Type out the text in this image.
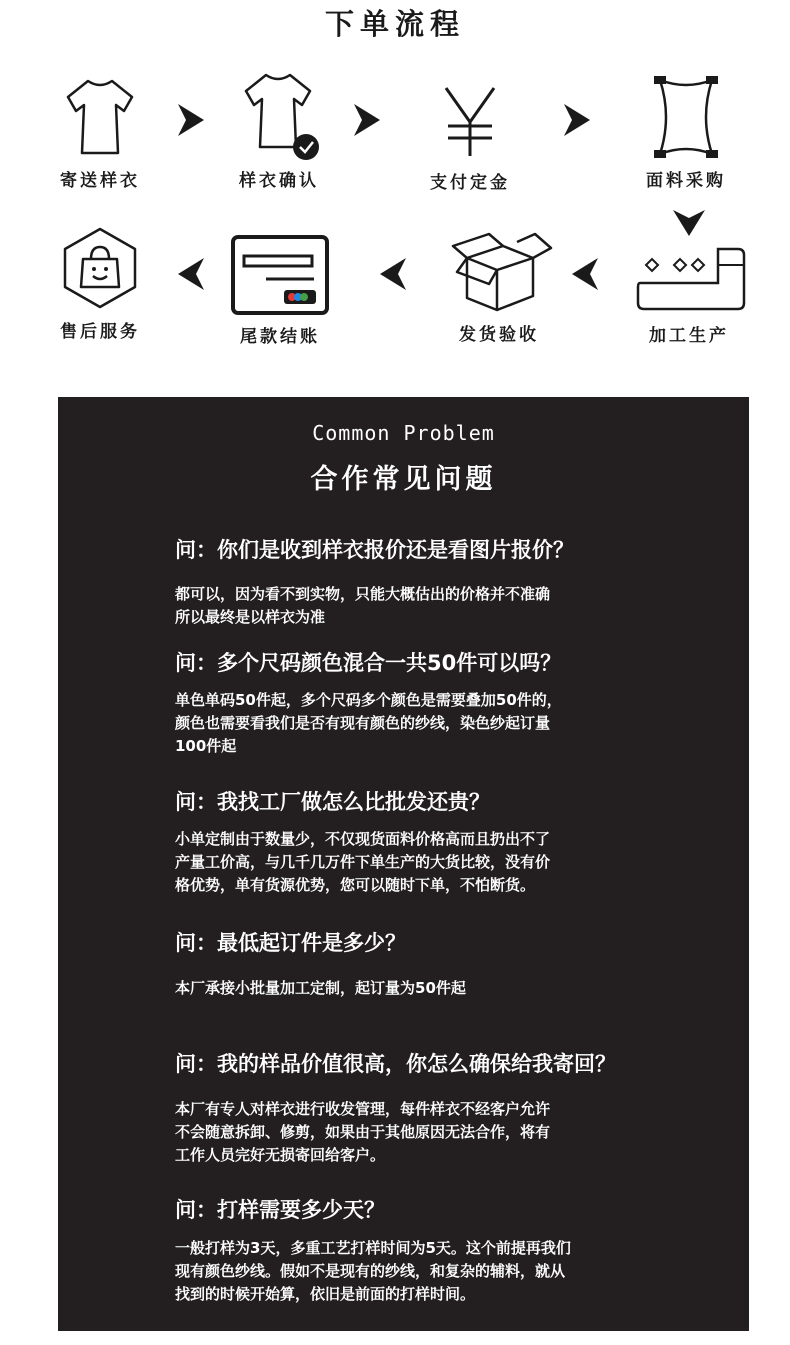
下单流程
寄送样衣	样衣确认	支付定金	面料采购
加工生产
发货验收
尾款结账
售后服务
Common Problem
合作常见问题
问：你们是收到样衣报价还是看图片报价？
都可以，因为看不到实物，只能大概估出的价格并不准确
所以最终是以样衣为准
问：多个尺码颜色混合一共50件可以吗？
单色单码50件起，多个尺码多个颜色是需要叠加50件的，
颜色也需要看我们是否有现有颜色的纱线，染色纱起订量
100件起
问：我找工厂做怎么比批发还贵？
小单定制由于数量少，不仅现货面料价格高而且扔出不了
产量工价高，与几千几万件下单生产的大货比较，没有价
格优势，单有货源优势，您可以随时下单，不怕断货。
问：最低起订件是多少？
本厂承接小批量加工定制，起订量为50件起
问：我的样品价值很高，你怎么确保给我寄回？
本厂有专人对样衣进行收发管理，每件样衣不经客户允许
不会随意拆卸、修剪，如果由于其他原因无法合作，将有
工作人员完好无损寄回给客户。
问：打样需要多少天？
一般打样为3天，多重工艺打样时间为5天。这个前提再我们
现有颜色纱线。假如不是现有的纱线，和复杂的辅料，就从
找到的时候开始算，依旧是前面的打样时间。
